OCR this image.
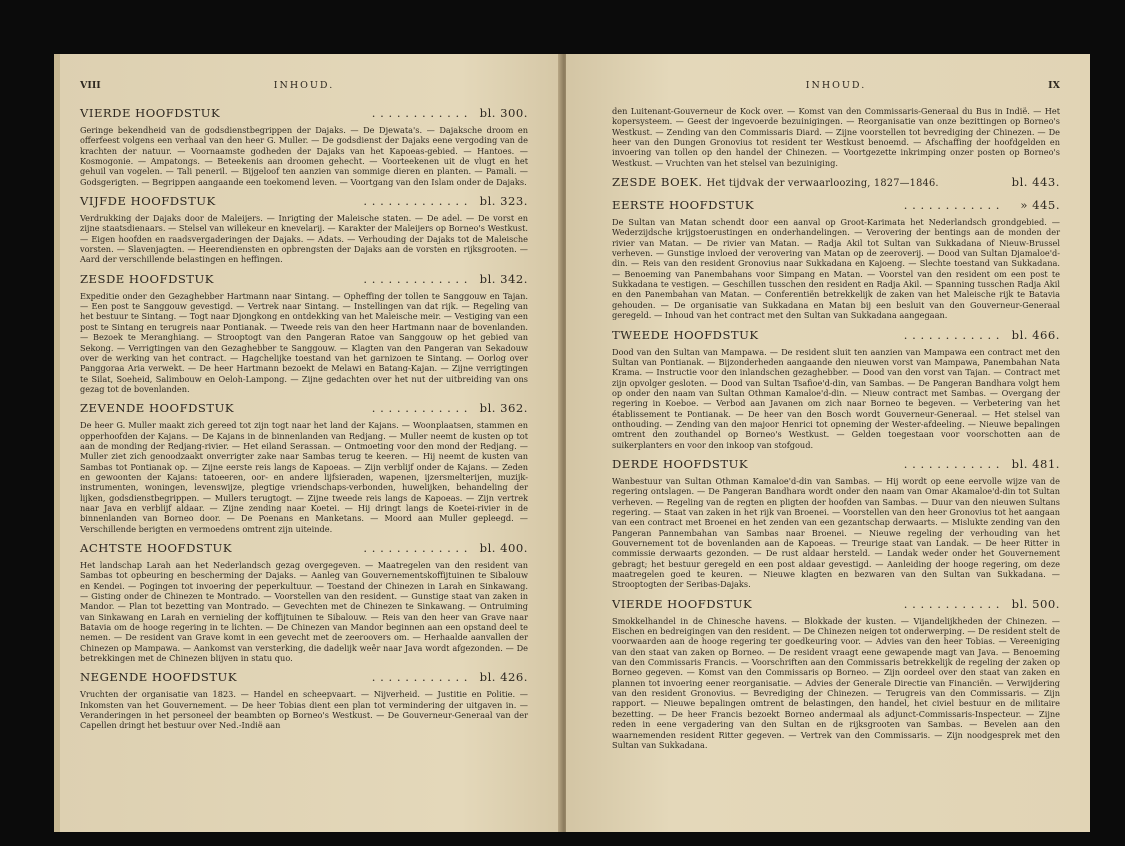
VIII	INHOUD.
VIERDE HOOFDSTUK	. . . . . . . . . . . . bl. 300.

Geringe bekendheid van de godsdienstbegrippen der Dajaks. — De Djewata's. — Dajaksche droom en offerfeest volgens een verhaal van den heer G. Muller. — De godsdienst der Dajaks eene vergoding van de krachten der natuur. — Voornaamste godheden der Dajaks van het Kapoeas-gebied. — Hantoes. — Kosmogonie. — Ampatongs. — Beteekenis aan droomen gehecht. — Voorteekenen uit de vlugt en het gehuil van vogelen. — Tali peneril. — Bijgeloof ten aanzien van sommige dieren en planten. — Pamali. — Godsgerigten. — Begrippen aangaande een toekomend leven. — Voortgang van den Islam onder de Dajaks.

VIJFDE HOOFDSTUK	. . . . . . . . . . . . . bl. 323.

Verdrukking der Dajaks door de Maleijers. — Inrigting der Maleische staten. — De adel. — De vorst en zijne staatsdienaars. — Stelsel van willekeur en knevelarij. — Karakter der Maleijers op Borneo's Westkust. — Eigen hoofden en raadsvergaderingen der Dajaks. — Adats. — Verhouding der Dajaks tot de Maleische vorsten. — Slavenjagten. — Heerendiensten en opbrengsten der Dajaks aan de vorsten en rijksgrooten. — Aard der verschillende belastingen en heffingen.

ZESDE HOOFDSTUK	. . . . . . . . . . . . . bl. 342.

Expeditie onder den Gezaghebber Hartmann naar Sintang. — Opheffing der tollen te Sanggouw en Tajan. — Een post te Sanggouw gevestigd. — Vertrek naar Sintang. — Instellingen van dat rijk. — Regeling van het bestuur te Sintang. — Togt naar Djongkong en ontdekking van het Maleische meir. — Vestiging van een post te Sintang en terugreis naar Pontianak. — Tweede reis van den heer Hartmann naar de bovenlanden. — Bezoek te Meranghiang. — Strooptogt van den Pangeran Ratoe van Sanggouw op het gebied van Sekong. — Verrigtingen van den Gezaghebber te Sanggouw. — Klagten van den Pangeran van Sekadouw over de werking van het contract. — Hagchelijke toestand van het garnizoen te Sintang. — Oorlog over Panggoraa Aria verwekt. — De heer Hartmann bezoekt de Melawi en Batang-Kajan. — Zijne verrigtingen te Silat, Soeheid, Salimbouw en Oeloh-Lampong. — Zijne gedachten over het nut der uitbreiding van ons gezag tot de bovenlanden.

ZEVENDE HOOFDSTUK	. . . . . . . . . . . . bl. 362.

De heer G. Muller maakt zich gereed tot zijn togt naar het land der Kajans. — Woonplaatsen, stammen en opperhoofden der Kajans. — De Kajans in de binnenlanden van Redjang. — Muller neemt de kusten op tot aan de monding der Redjang-rivier. — Het eiland Serassan. — Ontmoeting voor den mond der Redjang. — Muller ziet zich genoodzaakt onverrigter zake naar Sambas terug te keeren. — Hij neemt de kusten van Sambas tot Pontianak op. — Zijne eerste reis langs de Kapoeas. — Zijn verblijf onder de Kajans. — Zeden en gewoonten der Kajans: tatoeeren, oor- en andere lijfsieraden, wapenen, ijzersmelterijen, muzijk-instrumenten, woningen, levenswijze, plegtige vriendschaps-verbonden, huwelijken, behandeling der lijken, godsdienstbegrippen. — Mullers terugtogt. — Zijne tweede reis langs de Kapoeas. — Zijn vertrek naar Java en verblijf aldaar. — Zijne zending naar Koetei. — Hij dringt langs de Koetei-rivier in de binnenlanden van Borneo door. — De Poenans en Manketans. — Moord aan Muller gepleegd. — Verschillende berigten en vermoedens omtrent zijn uiteinde.

ACHTSTE HOOFDSTUK	. . . . . . . . . . . . . bl. 400.

Het landschap Larah aan het Nederlandsch gezag overgegeven. — Maatregelen van den resident van Sambas tot opbeuring en bescherming der Dajaks. — Aanleg van Gouvernementskoffijtuinen te Sibalouw en Kendei. — Pogingen tot invoering der peperkultuur. — Toestand der Chinezen in Larah en Sinkawang. — Gisting onder de Chinezen te Montrado. — Voorstellen van den resident. — Gunstige staat van zaken in Mandor. — Plan tot bezetting van Montrado. — Gevechten met de Chinezen te Sinkawang. — Ontruiming van Sinkawang en Larah en vernieling der koffijtuinen te Sibalouw. — Reis van den heer van Grave naar Batavia om de hooge regering in te lichten. — De Chinezen van Mandor beginnen aan een opstand deel te nemen. — De resident van Grave komt in een gevecht met de zeeroovers om. — Herhaalde aanvallen der Chinezen op Mampawa. — Aankomst van versterking, die dadelijk weêr naar Java wordt afgezonden. — De betrekkingen met de Chinezen blijven in statu quo.

NEGENDE HOOFDSTUK	. . . . . . . . . . . . bl. 426.

Vruchten der organisatie van 1823. — Handel en scheepvaart. — Nijverheid. — Justitie en Politie. — Inkomsten van het Gouvernement. — De heer Tobias dient een plan tot vermindering der uitgaven in. — Veranderingen in het personeel der beambten op Borneo's Westkust. — De Gouverneur-Generaal van der Capellen dringt het bestuur over Ned.-Indië aan

INHOUD.	IX

den Luitenant-Gouverneur de Kock over. — Komst van den Commissaris-Generaal du Bus in Indië. — Het kopersysteem. — Geest der ingevoerde bezuinigingen. — Reorganisatie van onze bezittingen op Borneo's Westkust. — Zending van den Commissaris Diard. — Zijne voorstellen tot bevrediging der Chinezen. — De heer van den Dungen Gronovius tot resident ter Westkust benoemd. — Afschaffing der hoofdgelden en invoering van tollen op den handel der Chinezen. — Voortgezette inkrimping onzer posten op Borneo's Westkust. — Vruchten van het stelsel van bezuiniging.

ZESDE BOEK. Het tijdvak der verwaarloozing, 1827—1846.	bl. 443.
EERSTE HOOFDSTUK	. . . . . . . . . . . . » 445.

De Sultan van Matan schendt door een aanval op Groot-Karimata het Nederlandsch grondgebied. — Wederzijdsche krijgstoerustingen en onderhandelingen. — Verovering der bentings aan de monden der rivier van Matan. — De rivier van Matan. — Radja Akil tot Sultan van Sukkadana of Nieuw-Brussel verheven. — Gunstige invloed der verovering van Matan op de zeeroverij. — Dood van Sultan Djamaloe'd-din. — Reis van den resident Gronovius naar Sukkadana en Kajoeng. — Slechte toestand van Sukkadana. — Benoeming van Panembahans voor Simpang en Matan. — Voorstel van den resident om een post te Sukkadana te vestigen. — Geschillen tusschen den resident en Radja Akil. — Spanning tusschen Radja Akil en den Panembahan van Matan. — Conferentiën betrekkelijk de zaken van het Maleische rijk te Batavia gehouden. — De organisatie van Sukkadana en Matan bij een besluit van den Gouverneur-Generaal geregeld. — Inhoud van het contract met den Sultan van Sukkadana aangegaan.

TWEEDE HOOFDSTUK	. . . . . . . . . . . . bl. 466.

Dood van den Sultan van Mampawa. — De resident sluit ten aanzien van Mampawa een contract met den Sultan van Pontianak. — Bijzonderheden aangaande den nieuwen vorst van Mampawa, Panembahan Nata Krama. — Instructie voor den inlandschen gezaghebber. — Dood van den vorst van Tajan. — Contract met zijn opvolger gesloten. — Dood van Sultan Tsafioe'd-din, van Sambas. — De Pangeran Bandhara volgt hem op onder den naam van Sultan Othman Kamaloe'd-din. — Nieuw contract met Sambas. — Overgang der regering in Koeboe. — Verbod aan Javanen om zich naar Borneo te begeven. — Verbetering van het établissement te Pontianak. — De heer van den Bosch wordt Gouverneur-Generaal. — Het stelsel van onthouding. — Zending van den majoor Henrici tot opneming der Wester-afdeeling. — Nieuwe bepalingen omtrent den zouthandel op Borneo's Westkust. — Gelden toegestaan voor voorschotten aan de suikerplanters en voor den inkoop van stofgoud.

DERDE HOOFDSTUK	. . . . . . . . . . . . bl. 481.

Wanbestuur van Sultan Othman Kamaloe'd-din van Sambas. — Hij wordt op eene eervolle wijze van de regering ontslagen. — De Pangeran Bandhara wordt onder den naam van Omar Akamaloe'd-din tot Sultan verheven. — Regeling van de regten en pligten der hoofden van Sambas. — Duur van den nieuwen Sultans regering. — Staat van zaken in het rijk van Broenei. — Voorstellen van den heer Gronovius tot het aangaan van een contract met Broenei en het zenden van een gezantschap derwaarts. — Mislukte zending van den Pangeran Pannembahan van Sambas naar Broenei. — Nieuwe regeling der verhouding van het Gouvernement tot de bovenlanden aan de Kapoeas. — Treurige staat van Landak. — De heer Ritter in commissie derwaarts gezonden. — De rust aldaar hersteld. — Landak weder onder het Gouvernement gebragt; het bestuur geregeld en een post aldaar gevestigd. — Aanleiding der hooge regering, om deze maatregelen goed te keuren. — Nieuwe klagten en bezwaren van den Sultan van Sukkadana. — Strooptogten der Seribas-Dajaks.

VIERDE HOOFDSTUK	. . . . . . . . . . . . bl. 500.

Smokkelhandel in de Chinesche havens. — Blokkade der kusten. — Vijandelijkheden der Chinezen. — Eischen en bedreigingen van den resident. — De Chinezen neigen tot onderwerping. — De resident stelt de voorwaarden aan de hooge regering ter goedkeuring voor. — Advies van den heer Tobias. — Vereeniging van den staat van zaken op Borneo. — De resident vraagt eene gewapende magt van Java. — Benoeming van den Commissaris Francis. — Voorschriften aan den Commissaris betrekkelijk de regeling der zaken op Borneo gegeven. — Komst van den Commissaris op Borneo. — Zijn oordeel over den staat van zaken en plannen tot invoering eener reorganisatie. — Advies der Generale Directie van Financiën. — Verwijdering van den resident Gronovius. — Bevrediging der Chinezen. — Terugreis van den Commissaris. — Zijn rapport. — Nieuwe bepalingen omtrent de belastingen, den handel, het civiel bestuur en de militaire bezetting. — De heer Francis bezoekt Borneo andermaal als adjunct-Commissaris-Inspecteur. — Zijne reden in eene vergadering van den Sultan en de rijksgrooten van Sambas. — Bevelen aan den waarnemenden resident Ritter gegeven. — Vertrek van den Commissaris. — Zijn noodgesprek met den Sultan van Sukkadana.
